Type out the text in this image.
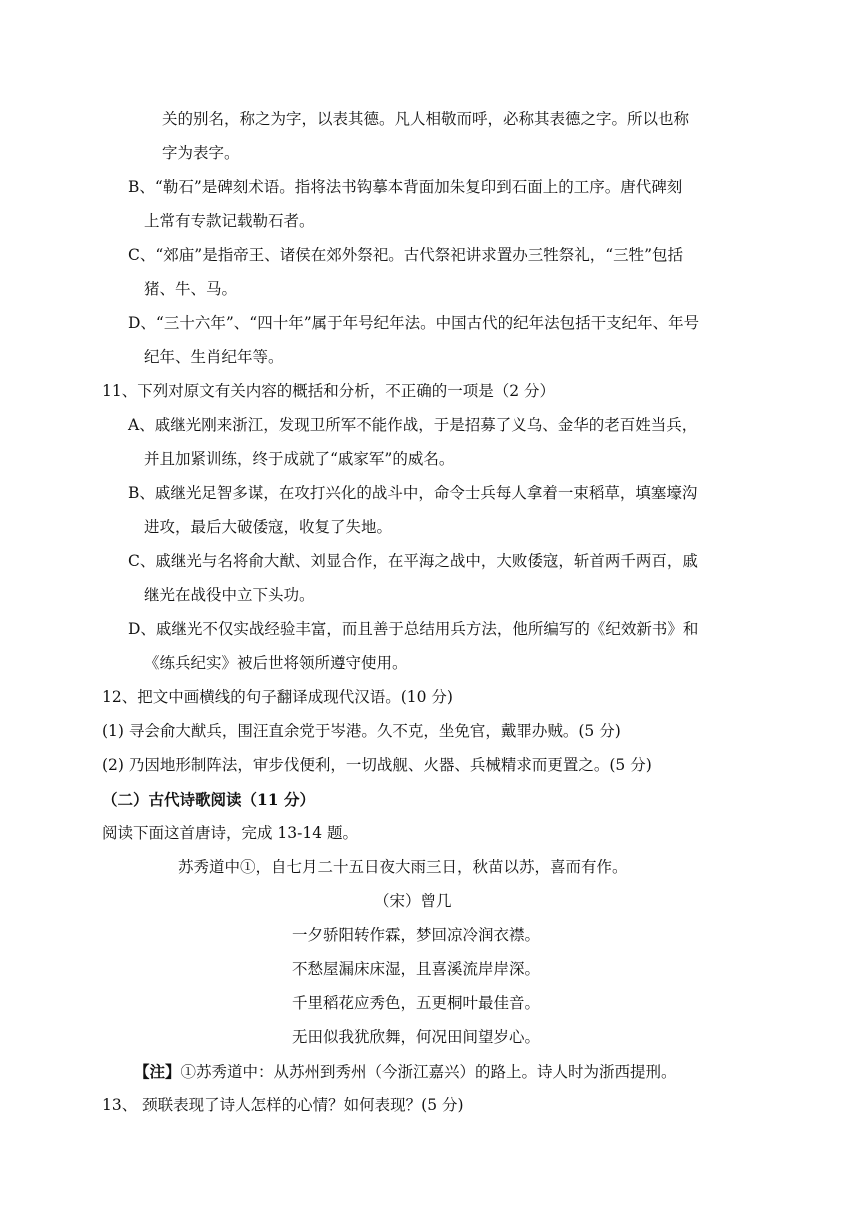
关的别名，称之为字，以表其德。凡人相敬而呼，必称其表德之字。所以也称
字为表字。
B、“勒石”是碑刻术语。指将法书钩摹本背面加朱复印到石面上的工序。唐代碑刻
上常有专款记载勒石者。
C、“郊庙”是指帝王、诸侯在郊外祭祀。古代祭祀讲求置办三牲祭礼，“三牲”包括
猪、牛、马。
D、“三十六年”、“四十年”属于年号纪年法。中国古代的纪年法包括干支纪年、年号
纪年、生肖纪年等。
11、下列对原文有关内容的概括和分析，不正确的一项是（2 分）
A、戚继光刚来浙江，发现卫所军不能作战，于是招募了义乌、金华的老百姓当兵，
并且加紧训练，终于成就了“戚家军”的威名。
B、戚继光足智多谋，在攻打兴化的战斗中，命令士兵每人拿着一束稻草，填塞壕沟
进攻，最后大破倭寇，收复了失地。
C、戚继光与名将俞大猷、刘显合作，在平海之战中，大败倭寇，斩首两千两百，戚
继光在战役中立下头功。
D、戚继光不仅实战经验丰富，而且善于总结用兵方法，他所编写的《纪效新书》和
《练兵纪实》被后世将领所遵守使用。
12、把文中画横线的句子翻译成现代汉语。(10 分)
(1) 寻会俞大猷兵，围汪直余党于岑港。久不克，坐免官，戴罪办贼。(5 分)
(2) 乃因地形制阵法，审步伐便利，一切战舰、火器、兵械精求而更置之。(5 分)
（二）古代诗歌阅读（11 分）
阅读下面这首唐诗，完成 13-14 题。
苏秀道中①，自七月二十五日夜大雨三日，秋苗以苏，喜而有作。
（宋）曾几
一夕骄阳转作霖，梦回凉冷润衣襟。
不愁屋漏床床湿，且喜溪流岸岸深。
千里稻花应秀色，五更桐叶最佳音。
无田似我犹欣舞，何况田间望岁心。
【注】①苏秀道中：从苏州到秀州（今浙江嘉兴）的路上。诗人时为浙西提刑。
13、 颈联表现了诗人怎样的心情？如何表现？(5 分)
